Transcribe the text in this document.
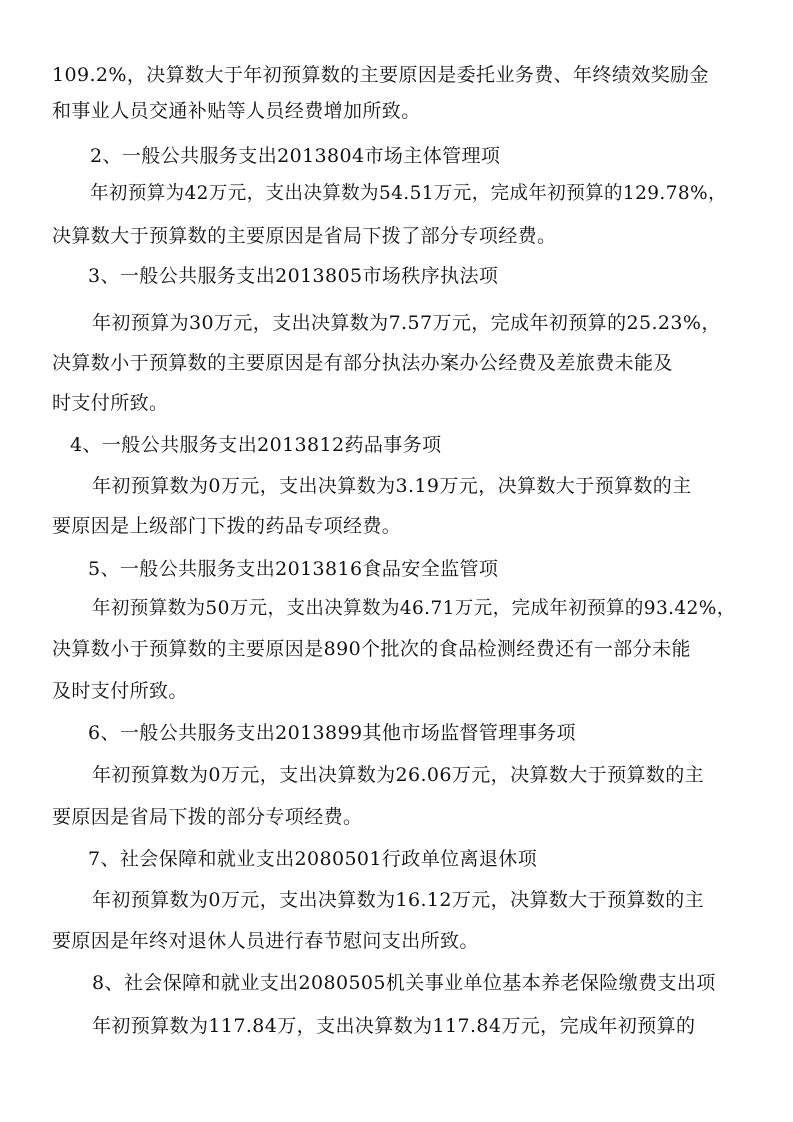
109.2%，决算数大于年初预算数的主要原因是委托业务费、年终绩效奖励金
和事业人员交通补贴等人员经费增加所致。
2、一般公共服务支出2013804市场主体管理项
年初预算为42万元，支出决算数为54.51万元，完成年初预算的129.78%，
决算数大于预算数的主要原因是省局下拨了部分专项经费。
3、一般公共服务支出2013805市场秩序执法项
年初预算为30万元，支出决算数为7.57万元，完成年初预算的25.23%，
决算数小于预算数的主要原因是有部分执法办案办公经费及差旅费未能及
时支付所致。
4、一般公共服务支出2013812药品事务项
年初预算数为0万元，支出决算数为3.19万元，决算数大于预算数的主
要原因是上级部门下拨的药品专项经费。
5、一般公共服务支出2013816食品安全监管项
年初预算数为50万元，支出决算数为46.71万元，完成年初预算的93.42%，
决算数小于预算数的主要原因是890个批次的食品检测经费还有一部分未能
及时支付所致。
6、一般公共服务支出2013899其他市场监督管理事务项
年初预算数为0万元，支出决算数为26.06万元，决算数大于预算数的主
要原因是省局下拨的部分专项经费。
7、社会保障和就业支出2080501行政单位离退休项
年初预算数为0万元，支出决算数为16.12万元，决算数大于预算数的主
要原因是年终对退休人员进行春节慰问支出所致。
8、社会保障和就业支出2080505机关事业单位基本养老保险缴费支出项
年初预算数为117.84万，支出决算数为117.84万元，完成年初预算的
